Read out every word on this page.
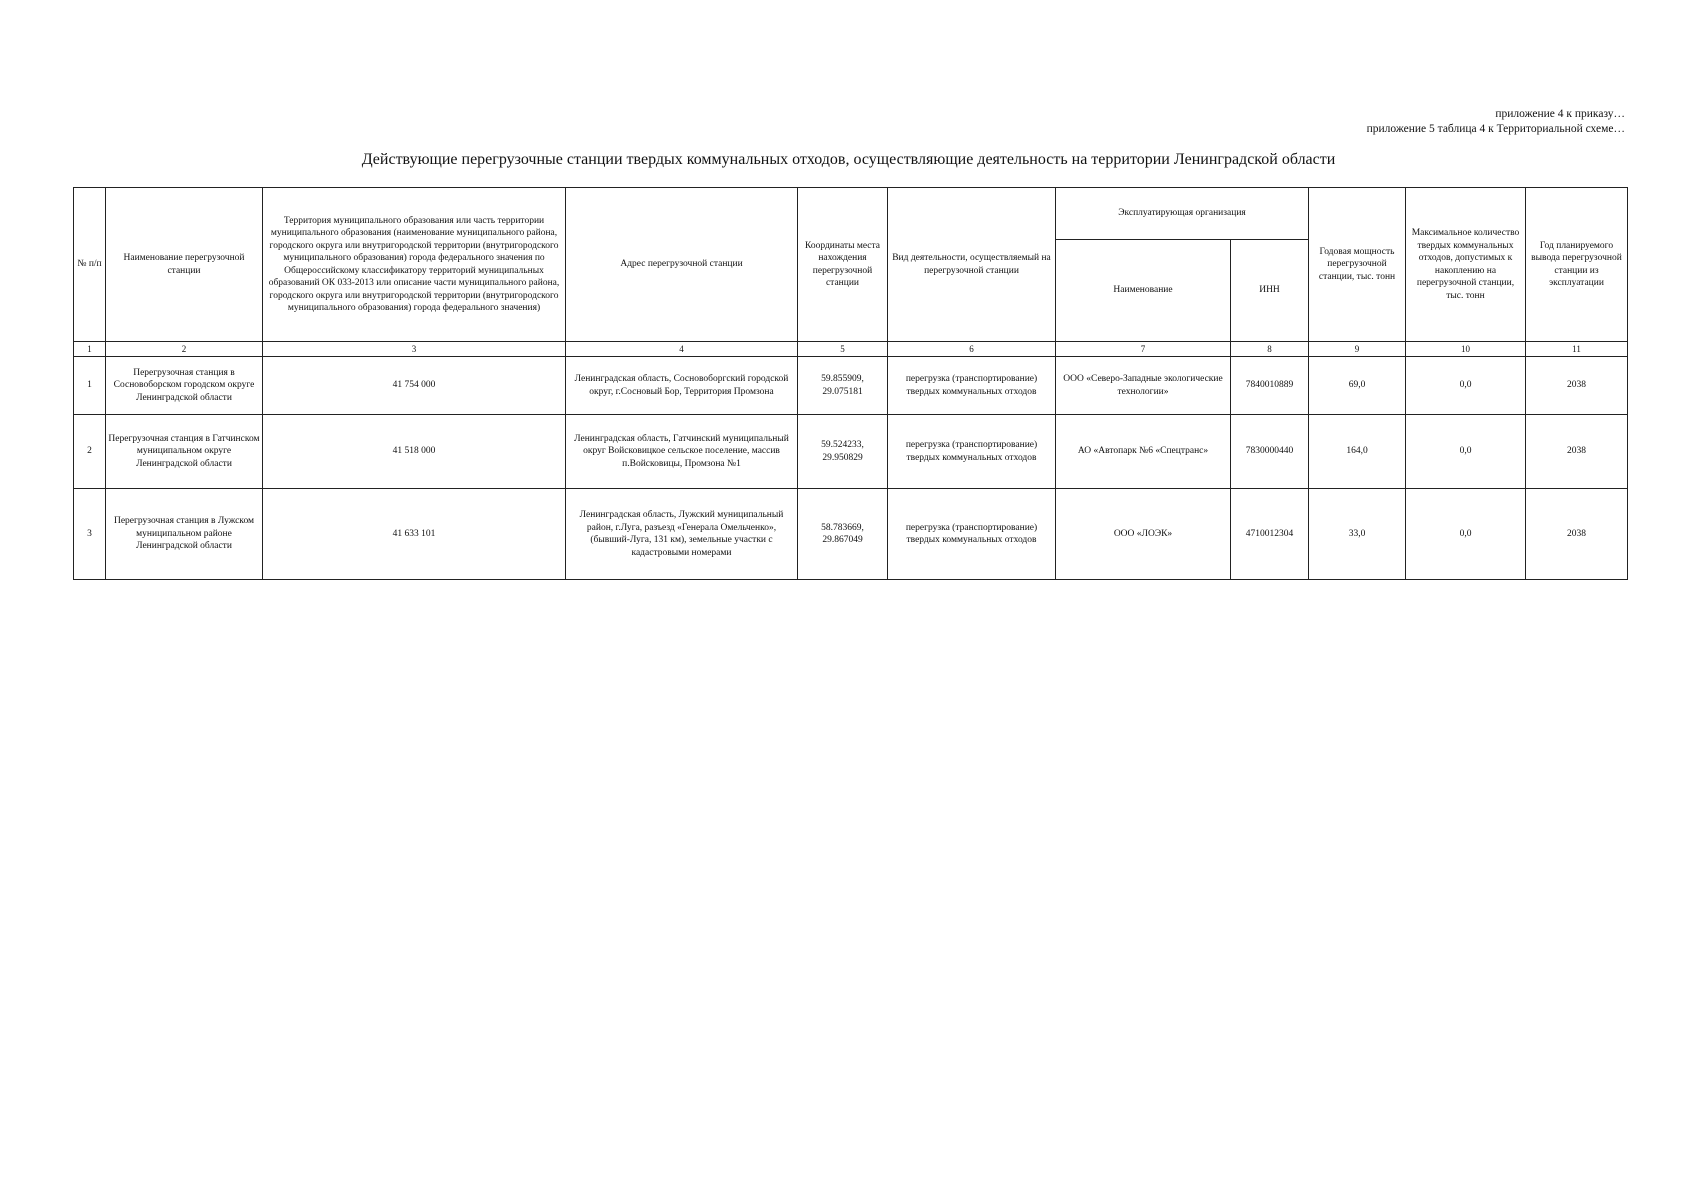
приложение 4 к приказу…
приложение 5 таблица 4 к Территориальной схеме…
Действующие перегрузочные станции твердых коммунальных отходов, осуществляющие деятельность на территории Ленинградской области
№ п/п	Наименование перегрузочной станции	Территория муниципального образования или часть территории муниципального образования (наименование муниципального района, городского округа или внутригородской территории (внутригородского муниципального образования) города федерального значения по Общероссийскому классификатору территорий муниципальных образований ОК 033-2013 или описание части муниципального района, городского округа или внутригородской территории (внутригородского муниципального образования) города федерального значения)	Адрес перегрузочной станции	Координаты места нахождения перегрузочной станции	Вид деятельности, осуществляемый на перегрузочной станции	Эксплуатирующая организация		Годовая мощность перегрузочной станции, тыс. тонн	Максимальное количество твердых коммунальных отходов, допустимых к накоплению на перегрузочной станции, тыс. тонн	Год планируемого вывода перегрузочной станции из эксплуатации
						Наименование	ИНН			
1	2	3	4	5	6	7	8	9	10	11
1	Перегрузочная станция в Сосновоборском городском округе Ленинградской области	41 754 000	Ленинградская область, Сосновоборгский городской округ, г.Сосновый Бор, Территория Промзона	59.855909, 29.075181	перегрузка (транспортирование) твердых коммунальных отходов	ООО «Северо-Западные экологические технологии»	7840010889	69,0	0,0	2038
2	Перегрузочная станция в Гатчинском муниципальном округе Ленинградской области	41 518 000	Ленинградская область, Гатчинский муниципальный округ Войсковицкое сельское поселение, массив п.Войсковицы, Промзона №1	59.524233, 29.950829	перегрузка (транспортирование) твердых коммунальных отходов	АО «Автопарк №6 «Спецтранс»	7830000440	164,0	0,0	2038
3	Перегрузочная станция в Лужском муниципальном районе Ленинградской области	41 633 101	Ленинградская область, Лужский муниципальный район, г.Луга, разъезд «Генерала Омельченко», (бывший-Луга, 131 км), земельные участки с кадастровыми номерами	58.783669, 29.867049	перегрузка (транспортирование) твердых коммунальных отходов	ООО «ЛОЭК»	4710012304	33,0	0,0	2038
